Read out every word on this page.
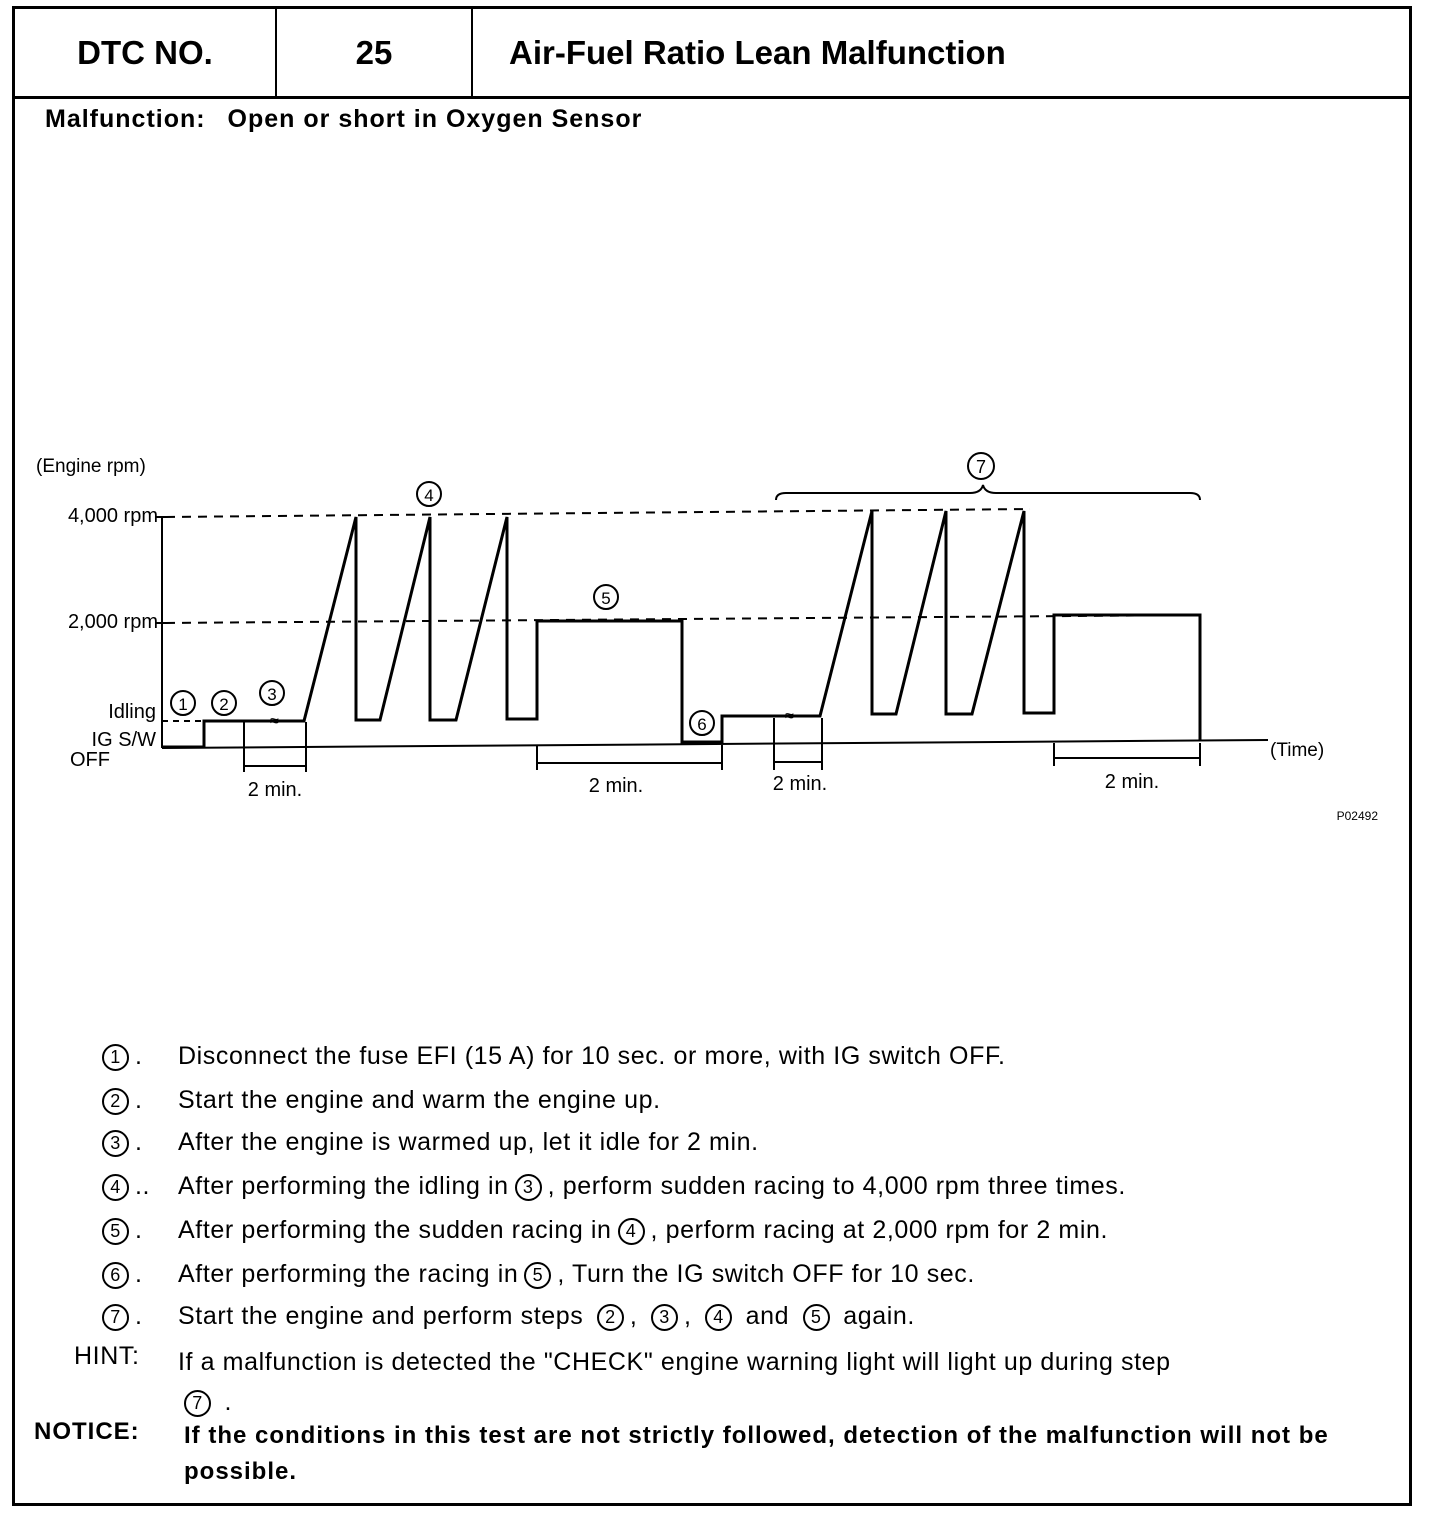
DTC NO.	25	Air-Fuel Ratio Lean Malfunction
Malfunction: Open or short in Oxygen Sensor
(Engine rpm)
4,000 rpm
2,000 rpm
Idling
IG S/W
OFF	(Time)
P02492
≈	≈
1 2
3
4
5
6
7
2 min.	2 min.	2 min.	2 min.
1 .	Disconnect the fuse EFI (15 A) for 10 sec. or more, with IG switch OFF.
2 .	Start the engine and warm the engine up.
3 .	After the engine is warmed up, let it idle for 2 min.
4 ..	After performing the idling in 3 , perform sudden racing to 4,000 rpm three times.
5 .	After performing the sudden racing in 4 , perform racing at 2,000 rpm for 2 min.
6 .	After performing the racing in 5 , Turn the IG switch OFF for 10 sec.
7 .	Start the engine and perform steps 2 , 3 , 4 and 5 again.
HINT: If a malfunction is detected the "CHECK" engine warning light will light up during step
7 .
NOTICE: If the conditions in this test are not strictly followed, detection of the malfunction will not be possible.
